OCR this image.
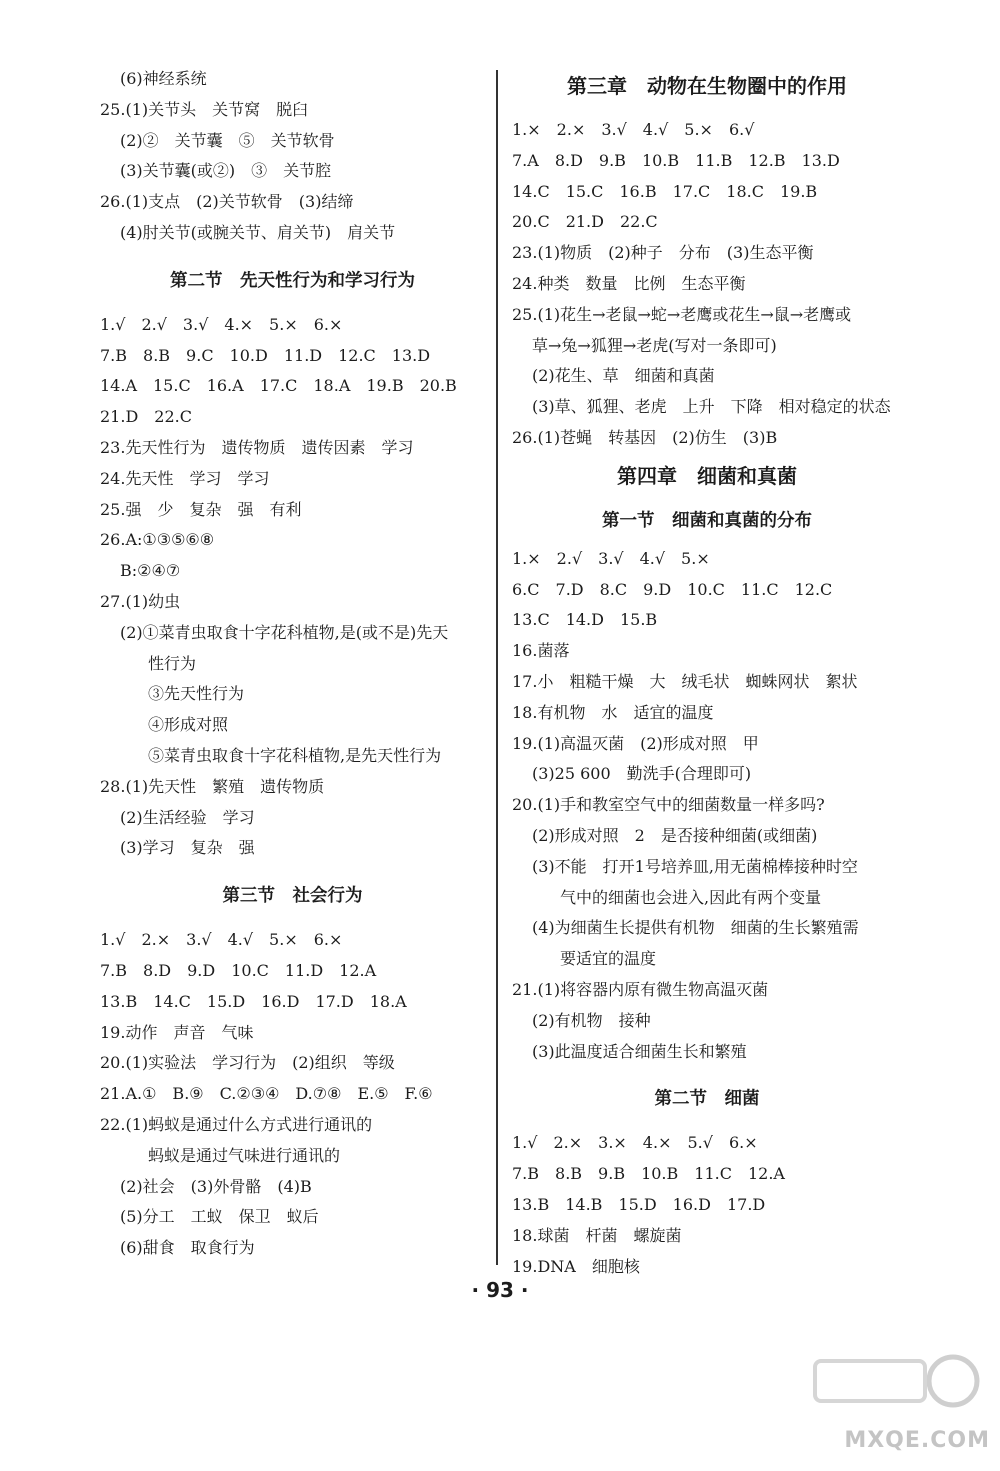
(6)神经系统
25.(1)关节头　关节窝　脱臼
(2)②　关节囊　⑤　关节软骨
(3)关节囊(或②)　③　关节腔
26.(1)支点　(2)关节软骨　(3)结缔
(4)肘关节(或腕关节、肩关节)　肩关节
第二节　先天性行为和学习行为
1.√　2.√　3.√　4.×　5.×　6.×
7.B　8.B　9.C　10.D　11.D　12.C　13.D
14.A　15.C　16.A　17.C　18.A　19.B　20.B
21.D　22.C
23.先天性行为　遗传物质　遗传因素　学习
24.先天性　学习　学习
25.强　少　复杂　强　有利
26.A:①③⑤⑥⑧
B:②④⑦
27.(1)幼虫
(2)①菜青虫取食十字花科植物,是(或不是)先天
性行为
③先天性行为
④形成对照
⑤菜青虫取食十字花科植物,是先天性行为
28.(1)先天性　繁殖　遗传物质
(2)生活经验　学习
(3)学习　复杂　强
第三节　社会行为
1.√　2.×　3.√　4.√　5.×　6.×
7.B　8.D　9.D　10.C　11.D　12.A
13.B　14.C　15.D　16.D　17.D　18.A
19.动作　声音　气味
20.(1)实验法　学习行为　(2)组织　等级
21.A.①　B.⑨　C.②③④　D.⑦⑧　E.⑤　F.⑥
22.(1)蚂蚁是通过什么方式进行通讯的
蚂蚁是通过气味进行通讯的
(2)社会　(3)外骨骼　(4)B
(5)分工　工蚁　保卫　蚁后
(6)甜食　取食行为
第三章　动物在生物圈中的作用
1.×　2.×　3.√　4.√　5.×　6.√
7.A　8.D　9.B　10.B　11.B　12.B　13.D
14.C　15.C　16.B　17.C　18.C　19.B
20.C　21.D　22.C
23.(1)物质　(2)种子　分布　(3)生态平衡
24.种类　数量　比例　生态平衡
25.(1)花生→老鼠→蛇→老鹰或花生→鼠→老鹰或
草→兔→狐狸→老虎(写对一条即可)
(2)花生、草　细菌和真菌
(3)草、狐狸、老虎　上升　下降　相对稳定的状态
26.(1)苍蝇　转基因　(2)仿生　(3)B
第四章　细菌和真菌
第一节　细菌和真菌的分布
1.×　2.√　3.√　4.√　5.×
6.C　7.D　8.C　9.D　10.C　11.C　12.C
13.C　14.D　15.B
16.菌落
17.小　粗糙干燥　大　绒毛状　蜘蛛网状　絮状
18.有机物　水　适宜的温度
19.(1)高温灭菌　(2)形成对照　甲
(3)25 600　勤洗手(合理即可)
20.(1)手和教室空气中的细菌数量一样多吗?
(2)形成对照　2　是否接种细菌(或细菌)
(3)不能　打开1号培养皿,用无菌棉棒接种时空
气中的细菌也会进入,因此有两个变量
(4)为细菌生长提供有机物　细菌的生长繁殖需
要适宜的温度
21.(1)将容器内原有微生物高温灭菌
(2)有机物　接种
(3)此温度适合细菌生长和繁殖
第二节　细菌
1.√　2.×　3.×　4.×　5.√　6.×
7.B　8.B　9.B　10.B　11.C　12.A
13.B　14.B　15.D　16.D　17.D
18.球菌　杆菌　螺旋菌
19.DNA　细胞核
· 93 ·
MXQE.COM
